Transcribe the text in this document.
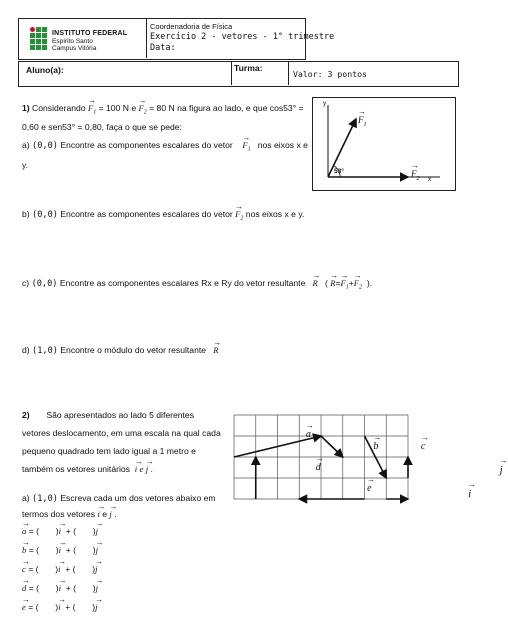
INSTITUTO FEDERAL
Espírito Santo
Campus Vitória
Coordenadoria de Física
Exercício 2 - vetores - 1° trimestre
Data:
Aluno(a):	Turma:
Valor: 3 pontos
1) Considerando → $F_1 = 100$ N $e \to F_2 = 80$ N na figura ao lado, e que cos53° =
0,60 e sen53° = 0,80, faça o que se pede:
a) (0,0) Encontre as componentes escalares do vetor → $F_1$ nos eixos x e
y.
b) (0,0) Encontre as componentes escalares do vetor → $F_2$ nos eixos x e y.
c) (0,0) Encontre as componentes escalares Rx e Ry do vetor resultante → R ( → $R=\to F_1+\to F_2$ ).
d) (1,0) Encontre o módulo do vetor resultante → R
y
x
53°
→ $F_1 \to F_2$
2) São apresentados ao lado 5 diferentes
vetores deslocamento, em uma escala na qual cada
pequeno quadrado tem lado igual a 1 metro e
também os vetores unitários → i e → j .
a) (1,0) Escreva cada um dos vetores abaixo em
termos dos vetores → i e → j .
→ a = ( )→ i + ( )→ j
→ b = ( )→ i + ( )→ j
→ c = ( )→ i + ( )→ j
→ d = ( )→ i + ( )→ j
→ e = ( )→ i + ( )→ j
→ a → b	→ c → d → e	→ i → j
